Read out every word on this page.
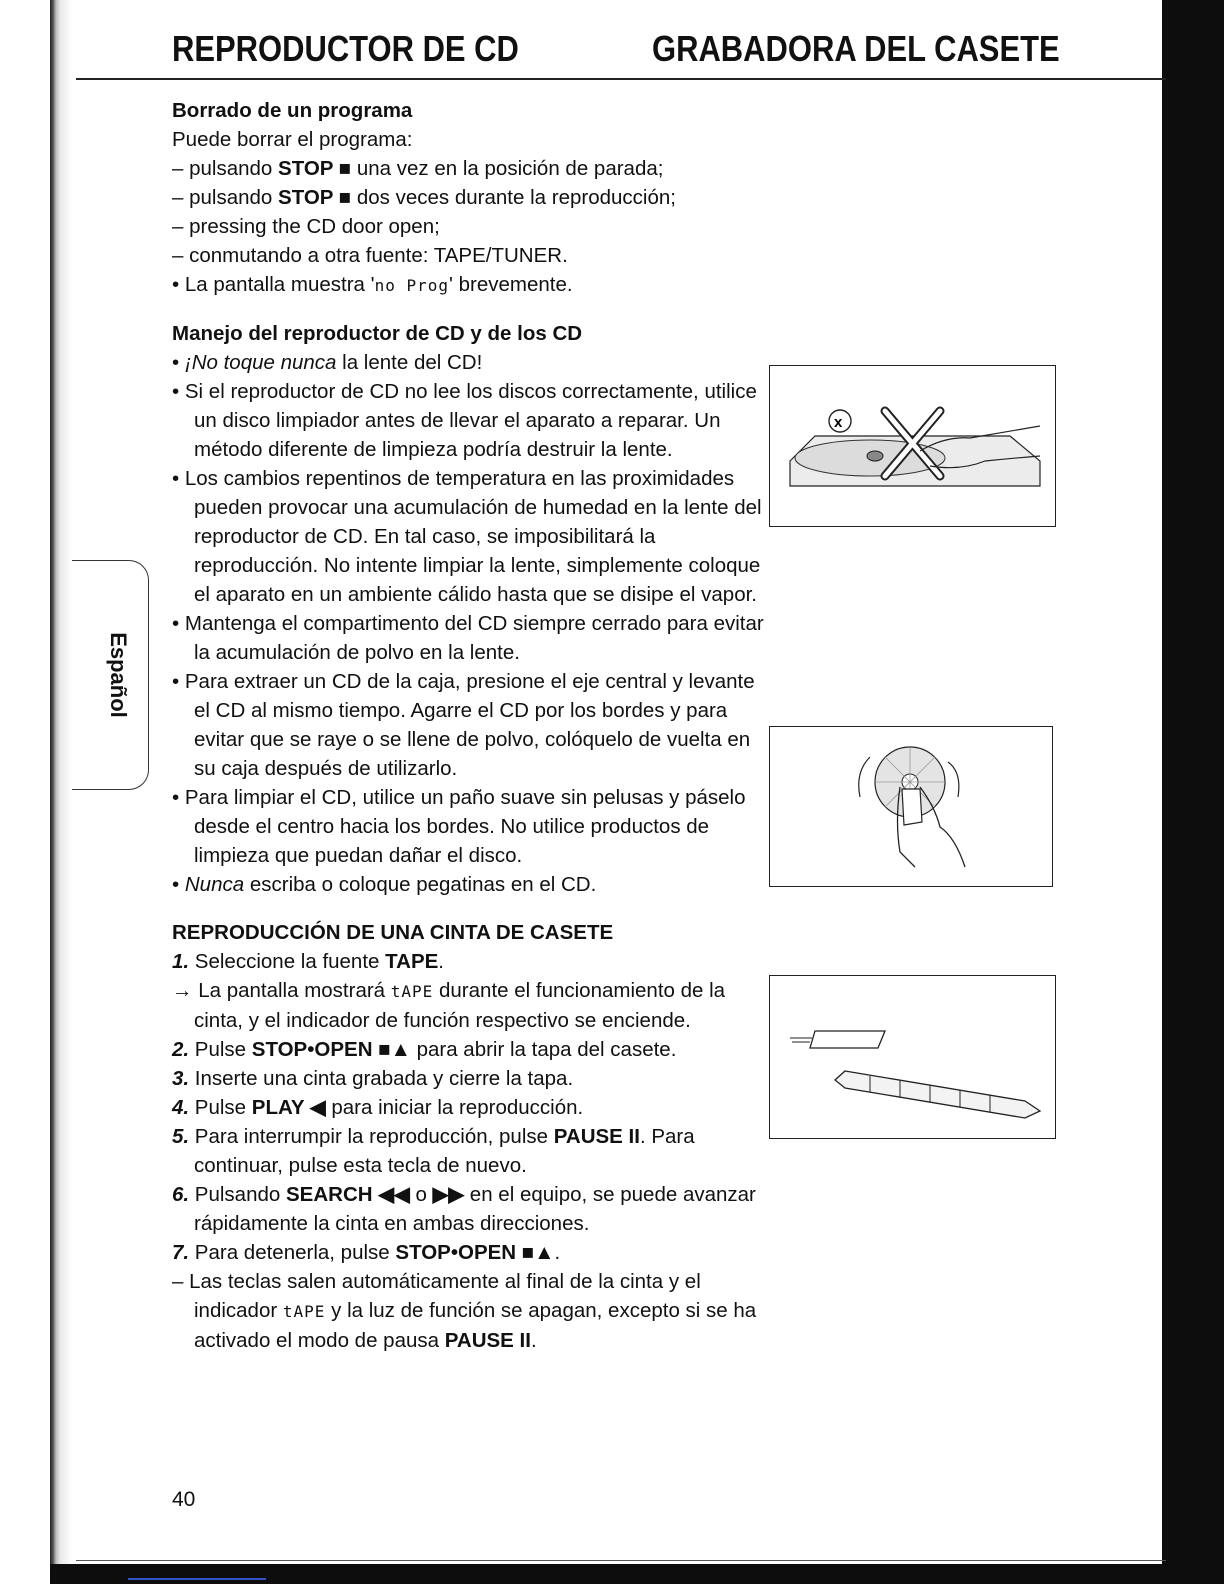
REPRODUCTOR DE CD	GRABADORA DEL CASETE
Español
Borrado de un programa
Puede borrar el programa:
– pulsando STOP ■ una vez en la posición de parada;
– pulsando STOP ■ dos veces durante la reproducción;
– pressing the CD door open;
– conmutando a otra fuente: TAPE/TUNER.
• La pantalla muestra 'no Prog' brevemente.
Manejo del reproductor de CD y de los CD
• ¡No toque nunca la lente del CD!
• Si el reproductor de CD no lee los discos correctamente, utilice un disco limpiador antes de llevar el aparato a reparar. Un método diferente de limpieza podría destruir la lente.
• Los cambios repentinos de temperatura en las proximidades pueden provocar una acumulación de humedad en la lente del reproductor de CD. En tal caso, se imposibilitará la reproducción. No intente limpiar la lente, simplemente coloque el aparato en un ambiente cálido hasta que se disipe el vapor.
• Mantenga el compartimento del CD siempre cerrado para evitar la acumulación de polvo en la lente.
• Para extraer un CD de la caja, presione el eje central y levante el CD al mismo tiempo. Agarre el CD por los bordes y para evitar que se raye o se llene de polvo, colóquelo de vuelta en su caja después de utilizarlo.
• Para limpiar el CD, utilice un paño suave sin pelusas y páselo desde el centro hacia los bordes. No utilice productos de limpieza que puedan dañar el disco.
• Nunca escriba o coloque pegatinas en el CD.
REPRODUCCIÓN DE UNA CINTA DE CASETE
1. Seleccione la fuente TAPE.
→ La pantalla mostrará tAPE durante el funcionamiento de la cinta, y el indicador de función respectivo se enciende.
2. Pulse STOP•OPEN ■▲ para abrir la tapa del casete.
3. Inserte una cinta grabada y cierre la tapa.
4. Pulse PLAY ◀ para iniciar la reproducción.
5. Para interrumpir la reproducción, pulse PAUSE II. Para continuar, pulse esta tecla de nuevo.
6. Pulsando SEARCH ◀◀ o ▶▶ en el equipo, se puede avanzar rápidamente la cinta en ambas direcciones.
7. Para detenerla, pulse STOP•OPEN ■▲.
– Las teclas salen automáticamente al final de la cinta y el indicador tAPE y la luz de función se apagan, excepto si se ha activado el modo de pausa PAUSE II.
x
40
